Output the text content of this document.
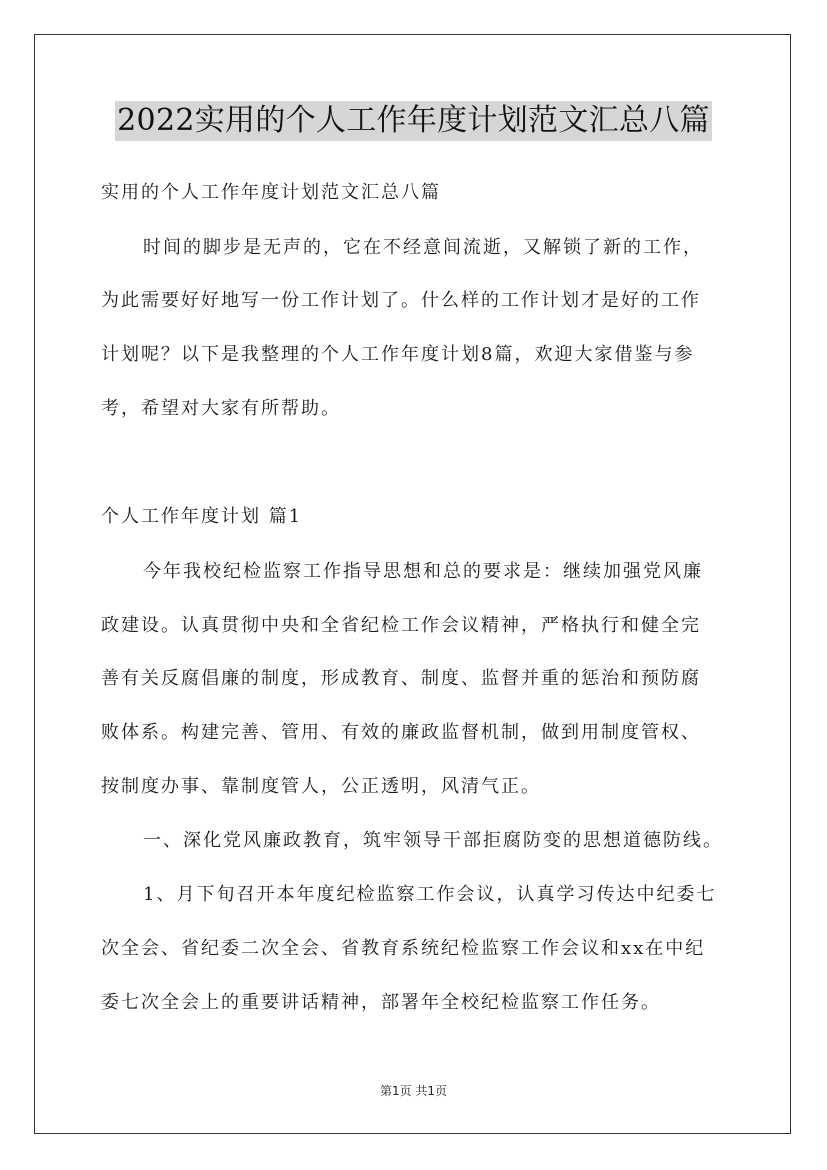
2022实用的个人工作年度计划范文汇总八篇
实用的个人工作年度计划范文汇总八篇
时间的脚步是无声的，它在不经意间流逝，又解锁了新的工作，
为此需要好好地写一份工作计划了。什么样的工作计划才是好的工作
计划呢？以下是我整理的个人工作年度计划8篇，欢迎大家借鉴与参
考，希望对大家有所帮助。
个人工作年度计划 篇1
今年我校纪检监察工作指导思想和总的要求是：继续加强党风廉
政建设。认真贯彻中央和全省纪检工作会议精神，严格执行和健全完
善有关反腐倡廉的制度，形成教育、制度、监督并重的惩治和预防腐
败体系。构建完善、管用、有效的廉政监督机制，做到用制度管权、
按制度办事、靠制度管人，公正透明，风清气正。
一、深化党风廉政教育，筑牢领导干部拒腐防变的思想道德防线。
1、月下旬召开本年度纪检监察工作会议，认真学习传达中纪委七
次全会、省纪委二次全会、省教育系统纪检监察工作会议和xx在中纪
委七次全会上的重要讲话精神，部署年全校纪检监察工作任务。
第1页 共1页
